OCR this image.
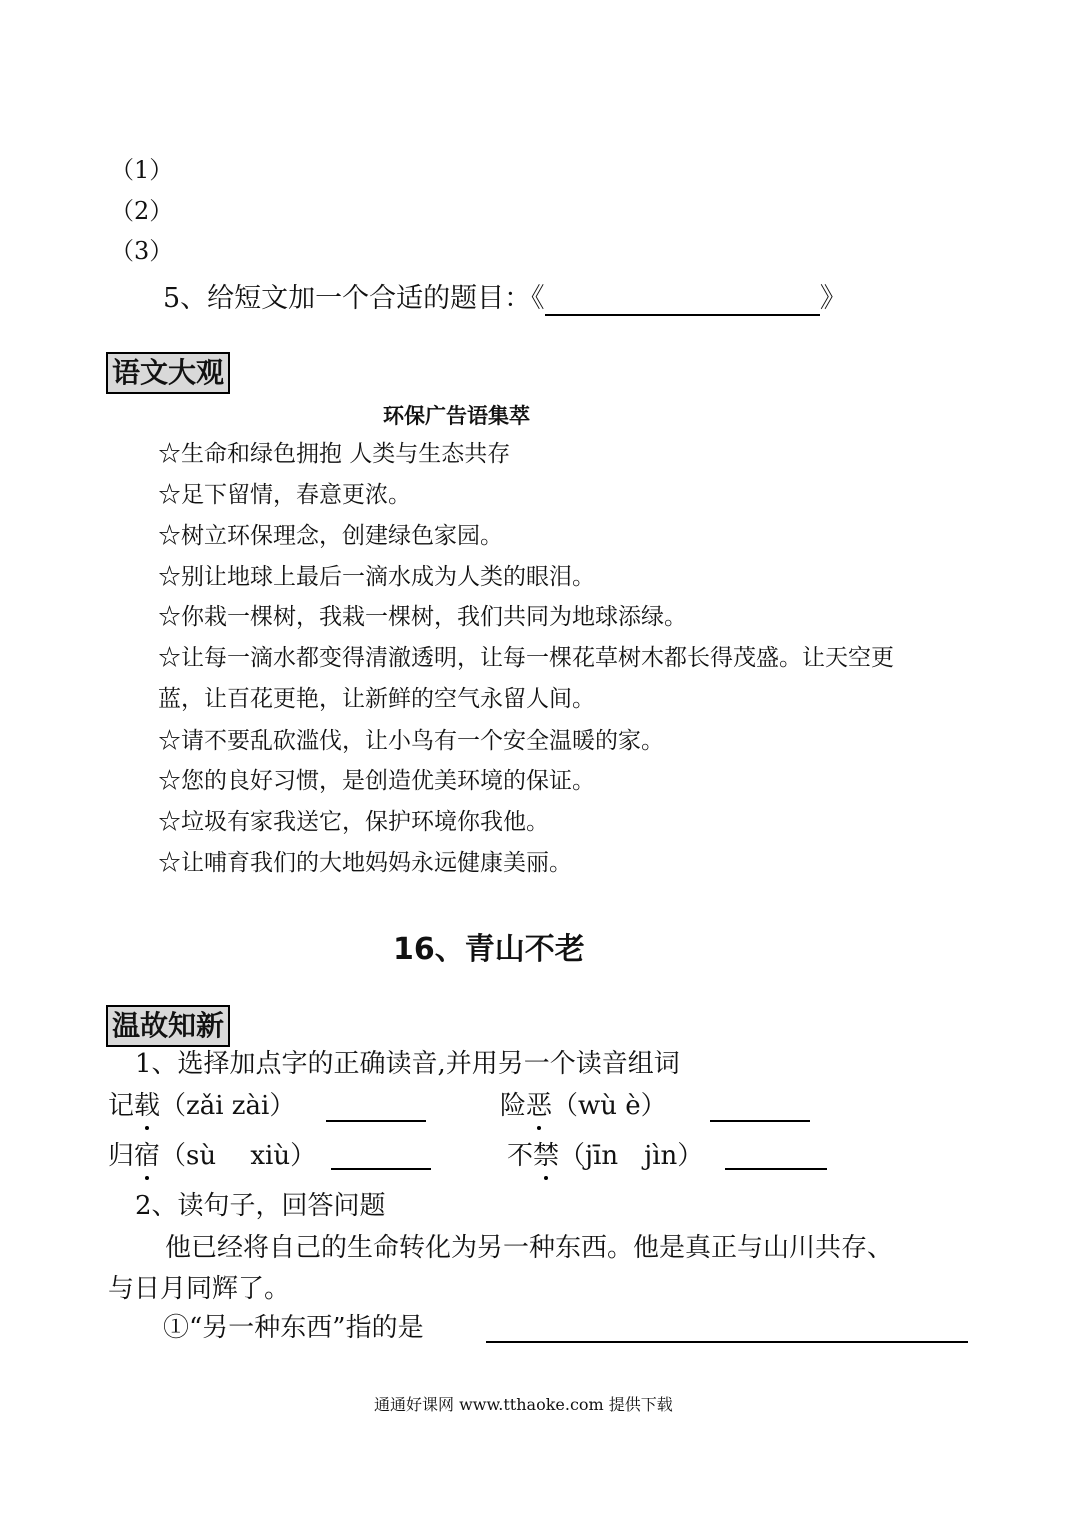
（1）
（2）
（3）
5、给短文加一个合适的题目：《	》
语文大观
环保广告语集萃
☆生命和绿色拥抱 人类与生态共存
☆足下留情，春意更浓。
☆树立环保理念，创建绿色家园。
☆别让地球上最后一滴水成为人类的眼泪。
☆你栽一棵树，我栽一棵树，我们共同为地球添绿。
☆让每一滴水都变得清澈透明，让每一棵花草树木都长得茂盛。让天空更
蓝，让百花更艳，让新鲜的空气永留人间。
☆请不要乱砍滥伐，让小鸟有一个安全温暖的家。
☆您的良好习惯，是创造优美环境的保证。
☆垃圾有家我送它，保护环境你我他。
☆让哺育我们的大地妈妈永远健康美丽。
16、青山不老
温故知新
1、选择加点字的正确读音,并用另一个读音组词
记载（zǎi zài）	险恶（wù è）
归宿（sù　 xiù）	不禁（jīn　jìn）
2、读句子，回答问题
他已经将自己的生命转化为另一种东西。他是真正与山川共存、
与日月同辉了。
①“另一种东西”指的是
通通好课网 www.tthaoke.com 提供下载
